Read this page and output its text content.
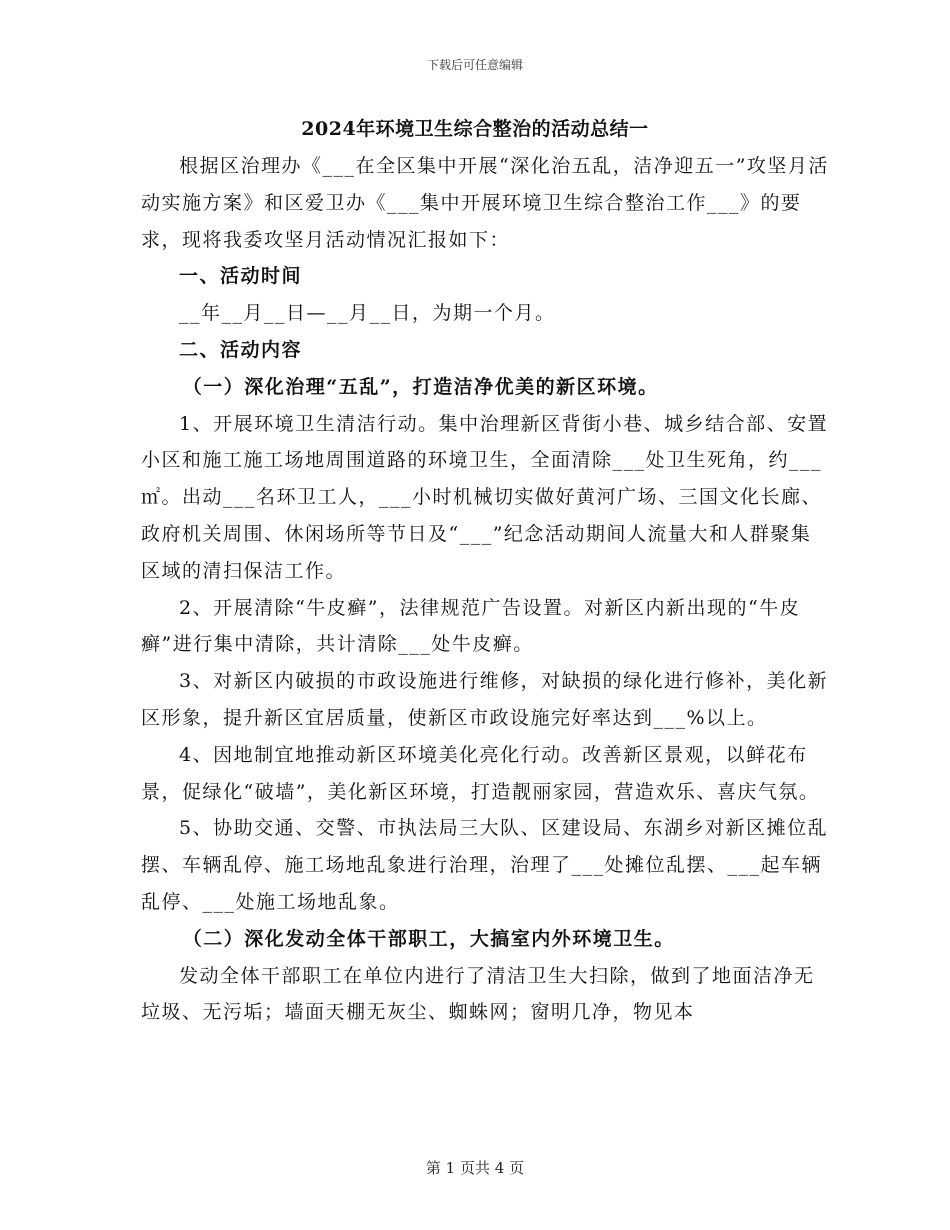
下载后可任意编辑
2024年环境卫生综合整治的活动总结一

根据区治理办《___在全区集中开展“深化治五乱，洁净迎五一”攻坚月活动实施方案》和区爱卫办《___集中开展环境卫生综合整治工作___》的要求，现将我委攻坚月活动情况汇报如下：

一、活动时间

__年__月__日—__月__日，为期一个月。

二、活动内容

（一）深化治理“五乱”，打造洁净优美的新区环境。

1、开展环境卫生清洁行动。集中治理新区背街小巷、城乡结合部、安置小区和施工施工场地周围道路的环境卫生，全面清除___处卫生死角，约___㎡。出动___名环卫工人，___小时机械切实做好黄河广场、三国文化长廊、政府机关周围、休闲场所等节日及“___”纪念活动期间人流量大和人群聚集区域的清扫保洁工作。

2、开展清除“牛皮癣”，法律规范广告设置。对新区内新出现的“牛皮癣”进行集中清除，共计清除___处牛皮癣。

3、对新区内破损的市政设施进行维修，对缺损的绿化进行修补，美化新区形象，提升新区宜居质量，使新区市政设施完好率达到___%以上。

4、因地制宜地推动新区环境美化亮化行动。改善新区景观，以鲜花布景，促绿化“破墙”，美化新区环境，打造靓丽家园，营造欢乐、喜庆气氛。

5、协助交通、交警、市执法局三大队、区建设局、东湖乡对新区摊位乱摆、车辆乱停、施工场地乱象进行治理，治理了___处摊位乱摆、___起车辆乱停、___处施工场地乱象。

（二）深化发动全体干部职工，大搞室内外环境卫生。

发动全体干部职工在单位内进行了清洁卫生大扫除，做到了地面洁净无垃圾、无污垢；墙面天棚无灰尘、蜘蛛网；窗明几净，物见本

第 1 页共 4 页
